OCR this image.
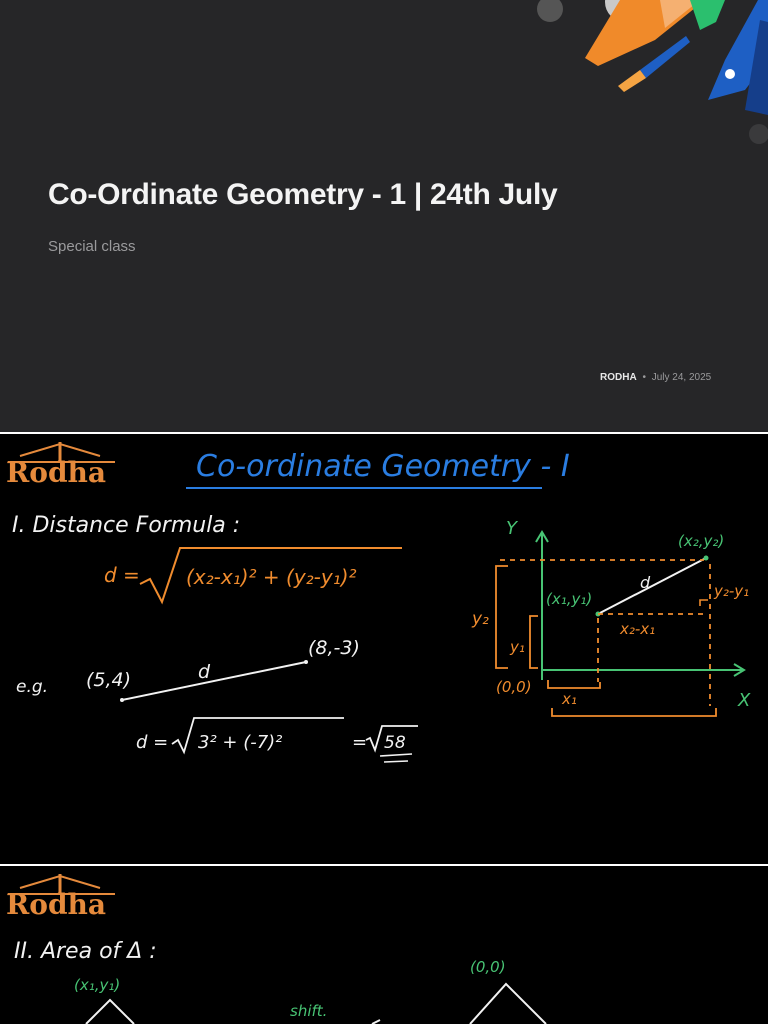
Co-Ordinate Geometry - 1 | 24th July
Special class
RODHA • July 24, 2025
Rodha	Co-ordinate Geometry - I
I. Distance Formula :
d = (x₂-x₁)² + (y₂-y₁)²
e.g. (5,4)
(8,-3)
d
d = 3² + (-7)²	= 58
Y
X
d
(x₂,y₂)
(x₁,y₁)
(0,0)
y₂-y₁
x₂-x₁
y₂
y₁
x₁
Rodha
II. Area of Δ :
(x₁,y₁)
shift.
(0,0)
